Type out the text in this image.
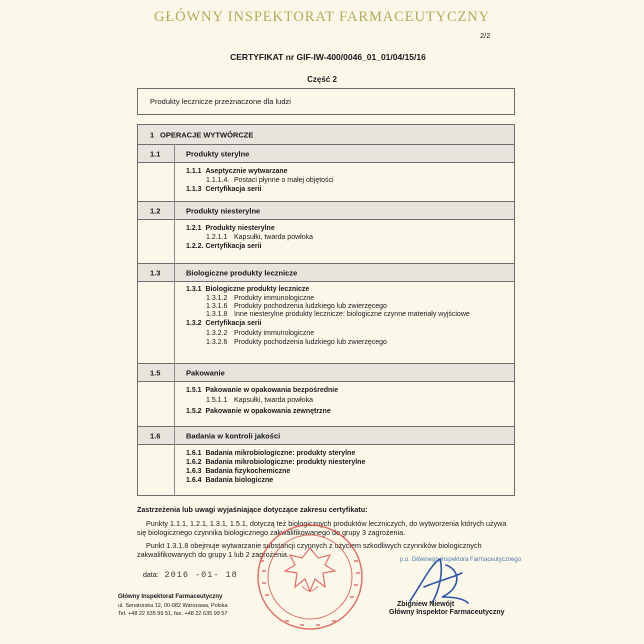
GŁÓWNY INSPEKTORAT FARMACEUTYCZNY
2/2
CERTYFIKAT nr GIF-IW-400/0046_01_01/04/15/16
Część 2
Produkty lecznicze przeznaczone dla ludzi
1 OPERACJE WYTWÓRCZE
1.1	Produkty sterylne
1.1.1 Aseptycznie wytwarzane
1.1.1.4. Postaci płynne o małej objętości
1.1.3 Certyfikacja serii
1.2	Produkty niesterylne
1.2.1 Produkty niesterylne
1.2.1.1 Kapsułki, twarda powłoka
1.2.2. Certyfikacja serii
1.3	Biologiczne produkty lecznicze
1.3.1 Biologiczne produkty lecznicze
1.3.1.2 Produkty immunologiczne
1.3.1.6 Produkty pochodzenia ludzkiego lub zwierzęcego
1.3.1.8 Inne niesterylne produkty lecznicze: biologiczne czynne materiały wyjściowe
1.3.2 Certyfikacja serii
1.3.2.2 Produkty immunologiczne
1.3.2.6 Produkty pochodzenia ludzkiego lub zwierzęcego
1.5	Pakowanie
1.5.1 Pakowanie w opakowania bezpośrednie
1.5.1.1 Kapsułki, twarda powłoka
1.5.2 Pakowanie w opakowania zewnętrzne
1.6	Badania w kontroli jakości
1.6.1 Badania mikrobiologiczne: produkty sterylne
1.6.2 Badania mikrobiologiczne: produkty niesterylne
1.6.3 Badania fizykochemiczne
1.6.4 Badania biologiczne
Zastrzeżenia lub uwagi wyjaśniające dotyczące zakresu certyfikatu:

Punkty 1.1.1, 1.2.1, 1.3.1, 1.5.1, dotyczą też biologicznych produktów leczniczych, do wytworzenia których używa się biologicznego czynnika biologicznego zakwalifikowanego do grupy 3 zagrożenia.

Punkt 1.3.1.8 obejmuje wytwarzanie substancji czynnych z użyciem szkodliwych czynników biologicznych zakwalifikowanych do grupy 1 lub 2 zagrożenia.

data: 2016 -01- 18
Główny Inspektorat Farmaceutyczny
ul. Senatorska 12, 00-082 Warszawa, Polska
Tel. +48 22 635 99 51, fax. +48 22 635 99 57
p.o. Głównego Inspektora Farmaceutycznego
Zbigniew Niewójt
Główny Inspektor Farmaceutyczny
